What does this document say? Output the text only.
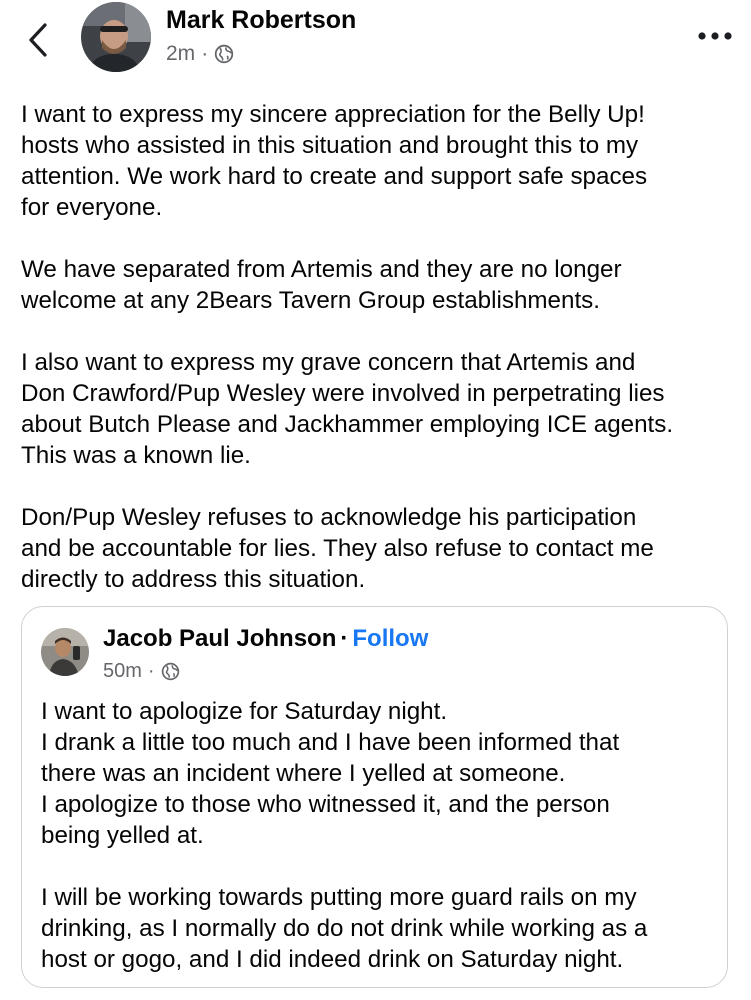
Mark Robertson
2m ·

I want to express my sincere appreciation for the Belly Up!
hosts who assisted in this situation and brought this to my
attention. We work hard to create and support safe spaces
for everyone.

We have separated from Artemis and they are no longer
welcome at any 2Bears Tavern Group establishments.

I also want to express my grave concern that Artemis and
Don Crawford/Pup Wesley were involved in perpetrating lies
about Butch Please and Jackhammer employing ICE agents.
This was a known lie.

Don/Pup Wesley refuses to acknowledge his participation
and be accountable for lies. They also refuse to contact me
directly to address this situation.

Jacob Paul Johnson · Follow
50m ·

I want to apologize for Saturday night.
I drank a little too much and I have been informed that
there was an incident where I yelled at someone.
I apologize to those who witnessed it, and the person
being yelled at.

I will be working towards putting more guard rails on my
drinking, as I normally do do not drink while working as a
host or gogo, and I did indeed drink on Saturday night.
